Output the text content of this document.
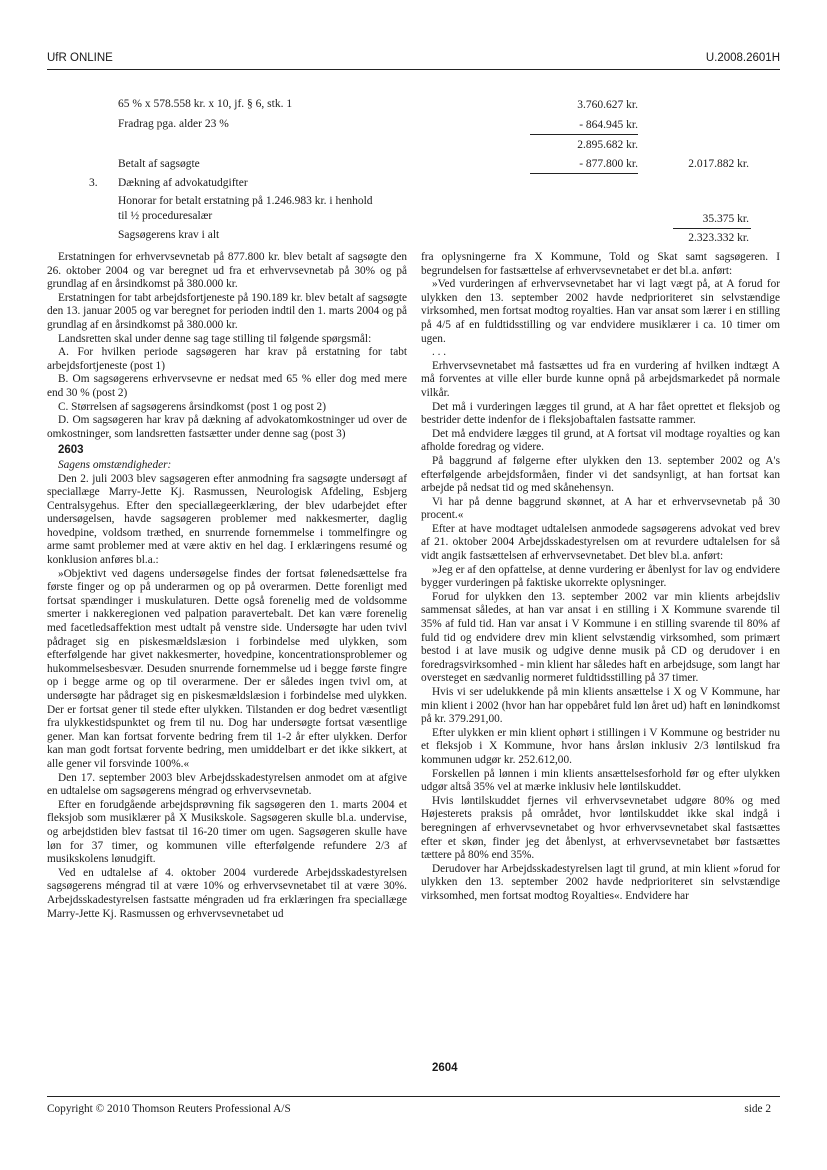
UfR ONLINE	U.2008.2601H
65 % x 578.558 kr. x 10, jf. § 6, stk. 1	3.760.627 kr.
Fradrag pga. alder 23 %	- 864.945 kr.
2.895.682 kr.
Betalt af sagsøgte	- 877.800 kr.	2.017.882 kr.
3. Dækning af advokatudgifter
Honorar for betalt erstatning på 1.246.983 kr. i henhold
til ½ proceduresalær	35.375 kr.
Sagsøgerens krav i alt	2.323.332 kr.

Erstatningen for erhvervsevnetab på 877.800 kr. blev betalt af sagsøgte den 26. oktober 2004 og var beregnet ud fra et erhvervsevnetab på 30% og på grundlag af en årsindkomst på 380.000 kr.

Erstatningen for tabt arbejdsfortjeneste på 190.189 kr. blev betalt af sagsøgte den 13. januar 2005 og var beregnet for perioden indtil den 1. marts 2004 og på grundlag af en årsindkomst på 380.000 kr.

Landsretten skal under denne sag tage stilling til følgende spørgsmål:

A. For hvilken periode sagsøgeren har krav på erstatning for tabt arbejdsfortjeneste (post 1)

B. Om sagsøgerens erhvervsevne er nedsat med 65 % eller dog med mere end 30 % (post 2)

C. Størrelsen af sagsøgerens årsindkomst (post 1 og post 2)

D. Om sagsøgeren har krav på dækning af advokatomkostninger ud over de omkostninger, som landsretten fastsætter under denne sag (post 3)

2603

Sagens omstændigheder:

Den 2. juli 2003 blev sagsøgeren efter anmodning fra sagsøgte undersøgt af speciallæge Marry-Jette Kj. Rasmussen, Neurologisk Afdeling, Esbjerg Centralsygehus. Efter den speciallægeerklæring, der blev udarbejdet efter undersøgelsen, havde sagsøgeren problemer med nakkesmerter, daglig hovedpine, voldsom træthed, en snurrende fornemmelse i tommelfingre og arme samt problemer med at være aktiv en hel dag. I erklæringens resumé og konklusion anføres bl.a.:

»Objektivt ved dagens undersøgelse findes der fortsat følenedsættelse fra første finger og op på underarmen og op på overarmen. Dette forenligt med fortsat spændinger i muskulaturen. Dette også forenelig med de voldsomme smerter i nakkeregionen ved palpation paravertebalt. Det kan være forenelig med facetledsaffektion mest udtalt på venstre side. Undersøgte har uden tvivl pådraget sig en piskesmældslæsion i forbindelse med ulykken, som efterfølgende har givet nakkesmerter, hovedpine, koncentrationsproblemer og hukommelsesbesvær. Desuden snurrende fornemmelse ud i begge første fingre op i begge arme og op til overarmene. Der er således ingen tvivl om, at undersøgte har pådraget sig en piskesmældslæsion i forbindelse med ulykken. Der er fortsat gener til stede efter ulykken. Tilstanden er dog bedret væsentligt fra ulykkestidspunktet og frem til nu. Dog har undersøgte fortsat væsentlige gener. Man kan fortsat forvente bedring frem til 1-2 år efter ulykken. Derfor kan man godt fortsat forvente bedring, men umiddelbart er det ikke sikkert, at alle gener vil forsvinde 100%.«

Den 17. september 2003 blev Arbejdsskadestyrelsen anmodet om at afgive en udtalelse om sagsøgerens méngrad og erhvervsevnetab.

Efter en forudgående arbejdsprøvning fik sagsøgeren den 1. marts 2004 et fleksjob som musiklærer på X Musikskole. Sagsøgeren skulle bl.a. undervise, og arbejdstiden blev fastsat til 16-20 timer om ugen. Sagsøgeren skulle have løn for 37 timer, og kommunen ville efterfølgende refundere 2/3 af musikskolens lønudgift.

Ved en udtalelse af 4. oktober 2004 vurderede Arbejdsskadestyrelsen sagsøgerens méngrad til at være 10% og erhvervsevnetabet til at være 30%. Arbejdsskadestyrelsen fastsatte méngraden ud fra erklæringen fra speciallæge Marry-Jette Kj. Rasmussen og erhvervsevnetabet ud

fra oplysningerne fra X Kommune, Told og Skat samt sagsøgeren. I begrundelsen for fastsættelse af erhvervsevnetabet er det bl.a. anført:

»Ved vurderingen af erhvervsevnetabet har vi lagt vægt på, at A forud for ulykken den 13. september 2002 havde nedprioriteret sin selvstændige virksomhed, men fortsat modtog royalties. Han var ansat som lærer i en stilling på 4/5 af en fuldtidsstilling og var endvidere musiklærer i ca. 10 timer om ugen.

. . .

Erhvervsevnetabet må fastsættes ud fra en vurdering af hvilken indtægt A må forventes at ville eller burde kunne opnå på arbejdsmarkedet på normale vilkår.

Det må i vurderingen lægges til grund, at A har fået oprettet et fleksjob og bestrider dette indenfor de i fleksjobaftalen fastsatte rammer.

Det må endvidere lægges til grund, at A fortsat vil modtage royalties og kan afholde foredrag og videre.

På baggrund af følgerne efter ulykken den 13. september 2002 og A's efterfølgende arbejdsformåen, finder vi det sandsynligt, at han fortsat kan arbejde på nedsat tid og med skånehensyn.

Vi har på denne baggrund skønnet, at A har et erhvervsevnetab på 30 procent.«

Efter at have modtaget udtalelsen anmodede sagsøgerens advokat ved brev af 21. oktober 2004 Arbejdsskadestyrelsen om at revurdere udtalelsen for så vidt angik fastsættelsen af erhvervsevnetabet. Det blev bl.a. anført:

»Jeg er af den opfattelse, at denne vurdering er åbenlyst for lav og endvidere bygger vurderingen på faktiske ukorrekte oplysninger.

Forud for ulykken den 13. september 2002 var min klients arbejdsliv sammensat således, at han var ansat i en stilling i X Kommune svarende til 35% af fuld tid. Han var ansat i V Kommune i en stilling svarende til 80% af fuld tid og endvidere drev min klient selvstændig virksomhed, som primært bestod i at lave musik og udgive denne musik på CD og derudover i en foredragsvirksomhed - min klient har således haft en arbejdsuge, som langt har oversteget en sædvanlig normeret fuldtidsstilling på 37 timer.

Hvis vi ser udelukkende på min klients ansættelse i X og V Kommune, har min klient i 2002 (hvor han har oppebåret fuld løn året ud) haft en lønindkomst på kr. 379.291,00.

Efter ulykken er min klient ophørt i stillingen i V Kommune og bestrider nu et fleksjob i X Kommune, hvor hans årsløn inklusiv 2/3 løntilskud fra kommunen udgør kr. 252.612,00.

Forskellen på lønnen i min klients ansættelsesforhold før og efter ulykken udgør altså 35% vel at mærke inklusiv hele løntilskuddet.

Hvis løntilskuddet fjernes vil erhvervsevnetabet udgøre 80% og med Højesterets praksis på området, hvor løntilskuddet ikke skal indgå i beregningen af erhvervsevnetabet og hvor erhvervsevnetabet skal fastsættes efter et skøn, finder jeg det åbenlyst, at erhvervsevnetabet bør fastsættes tættere på 80% end 35%.

Derudover har Arbejdsskadestyrelsen lagt til grund, at min klient »forud for ulykken den 13. september 2002 havde nedprioriteret sin selvstændige virksomhed, men fortsat modtog Royalties«. Endvidere har

2604
Copyright © 2010 Thomson Reuters Professional A/S	side 2
